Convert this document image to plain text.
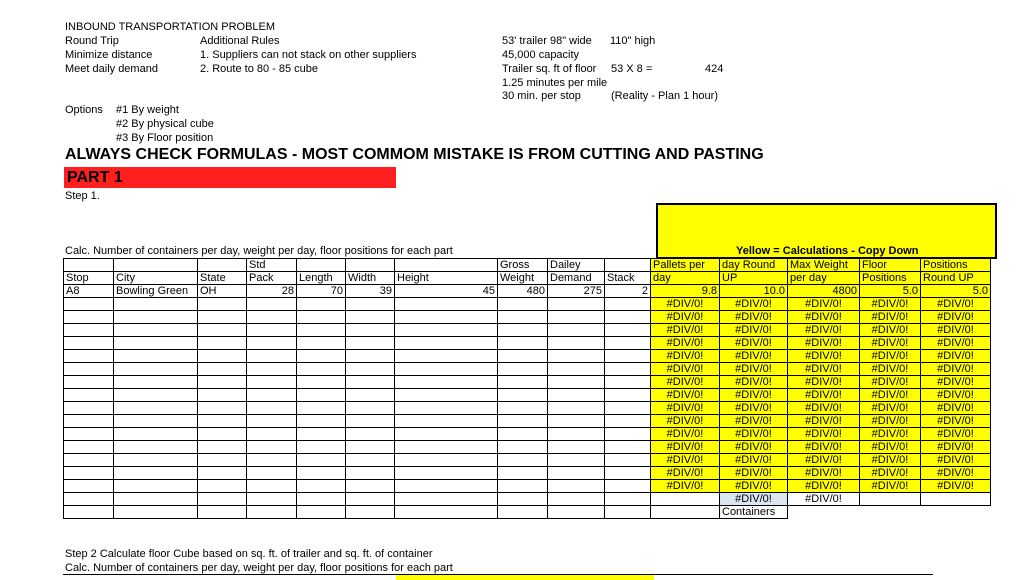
INBOUND TRANSPORTATION PROBLEM
Round Trip
Minimize distance
Meet daily demand
Additional Rules
1. Suppliers can not stack on other suppliers
2. Route to 80 - 85 cube
53' trailer 98" wide 110" high
45,000 capacity
Trailer sq. ft of floor 53 X 8 =	424
1.25 minutes per mile
30 min. per stop	(Reality - Plan 1 hour)
Options #1 By weight
#2 By physical cube
#3 By Floor position
ALWAYS CHECK FORMULAS - MOST COMMOM MISTAKE IS FROM CUTTING AND PASTING
PART 1
Step 1.
Calc. Number of containers per day, weight per day, floor positions for each part	Yellow = Calculations - Copy Down
			Std				Gross	Dailey		Pallets per	day Round	Max Weight	Floor	Positions
Stop	City	State	Pack	Length	Width	Height	Weight	Demand	Stack	day	UP	per day	Positions	Round UP
A8	Bowling Green	OH	28	70	39	45	480	275	2	9.8	10.0	4800	5.0	5.0
										#DIV/0!	#DIV/0!	#DIV/0!	#DIV/0!	#DIV/0!
										#DIV/0!	#DIV/0!	#DIV/0!	#DIV/0!	#DIV/0!
										#DIV/0!	#DIV/0!	#DIV/0!	#DIV/0!	#DIV/0!
										#DIV/0!	#DIV/0!	#DIV/0!	#DIV/0!	#DIV/0!
										#DIV/0!	#DIV/0!	#DIV/0!	#DIV/0!	#DIV/0!
										#DIV/0!	#DIV/0!	#DIV/0!	#DIV/0!	#DIV/0!
										#DIV/0!	#DIV/0!	#DIV/0!	#DIV/0!	#DIV/0!
										#DIV/0!	#DIV/0!	#DIV/0!	#DIV/0!	#DIV/0!
										#DIV/0!	#DIV/0!	#DIV/0!	#DIV/0!	#DIV/0!
										#DIV/0!	#DIV/0!	#DIV/0!	#DIV/0!	#DIV/0!
										#DIV/0!	#DIV/0!	#DIV/0!	#DIV/0!	#DIV/0!
										#DIV/0!	#DIV/0!	#DIV/0!	#DIV/0!	#DIV/0!
										#DIV/0!	#DIV/0!	#DIV/0!	#DIV/0!	#DIV/0!
										#DIV/0!	#DIV/0!	#DIV/0!	#DIV/0!	#DIV/0!
										#DIV/0!	#DIV/0!	#DIV/0!	#DIV/0!	#DIV/0!
											#DIV/0!	#DIV/0!		
											Containers			
Step 2 Calculate floor Cube based on sq. ft. of trailer and sq. ft. of container
Calc. Number of containers per day, weight per day, floor positions for each part
